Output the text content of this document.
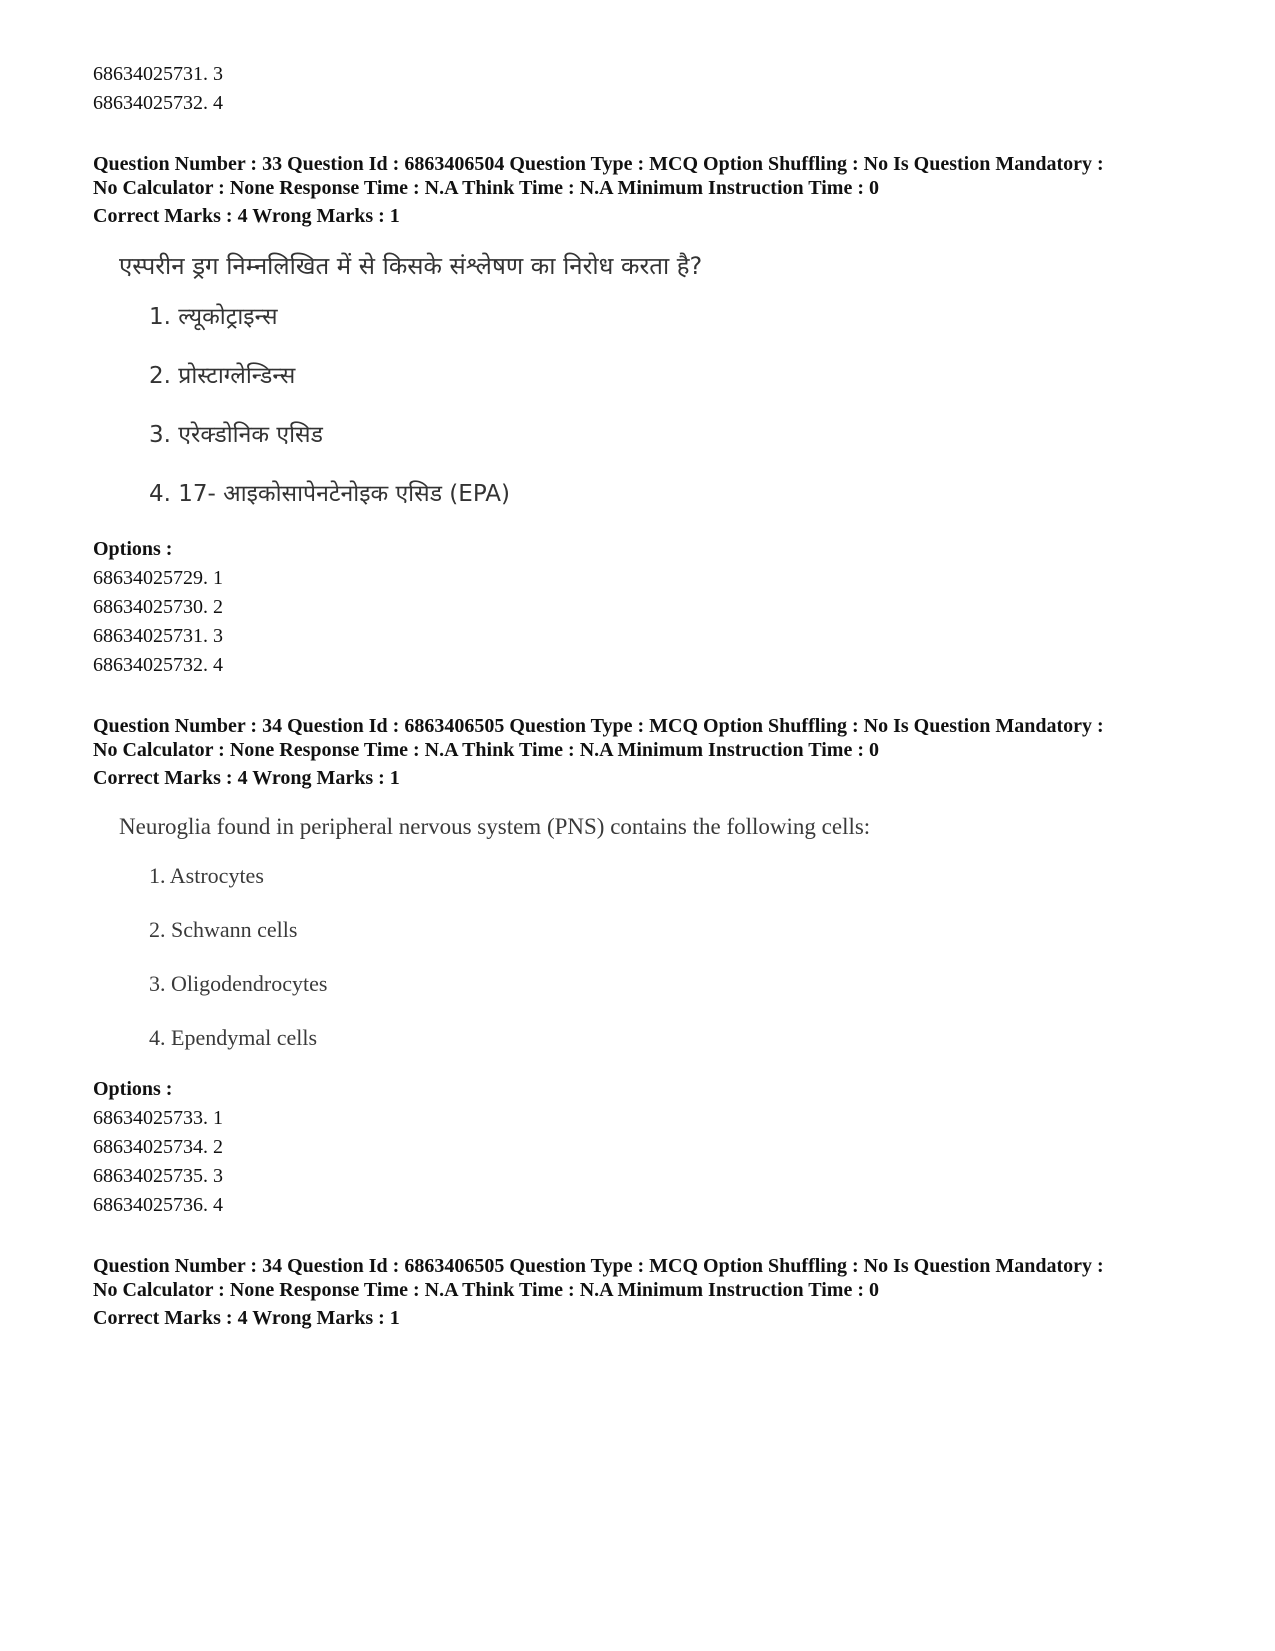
68634025731. 3
68634025732. 4
Question Number : 33 Question Id : 6863406504 Question Type : MCQ Option Shuffling : No Is Question Mandatory :
No Calculator : None Response Time : N.A Think Time : N.A Minimum Instruction Time : 0
Correct Marks : 4 Wrong Marks : 1
एस्परीन ड्रग निम्नलिखित में से किसके संश्लेषण का निरोध करता है?
1. ल्यूकोट्राइन्स
2. प्रोस्टाग्लेन्डिन्स
3. एरेक्डोनिक एसिड
4. 17- आइकोसापेनटेनोइक एसिड (EPA)
Options :
68634025729. 1
68634025730. 2
68634025731. 3
68634025732. 4
Question Number : 34 Question Id : 6863406505 Question Type : MCQ Option Shuffling : No Is Question Mandatory :
No Calculator : None Response Time : N.A Think Time : N.A Minimum Instruction Time : 0
Correct Marks : 4 Wrong Marks : 1
Neuroglia found in peripheral nervous system (PNS) contains the following cells:
1. Astrocytes
2. Schwann cells
3. Oligodendrocytes
4. Ependymal cells
Options :
68634025733. 1
68634025734. 2
68634025735. 3
68634025736. 4
Question Number : 34 Question Id : 6863406505 Question Type : MCQ Option Shuffling : No Is Question Mandatory :
No Calculator : None Response Time : N.A Think Time : N.A Minimum Instruction Time : 0
Correct Marks : 4 Wrong Marks : 1
